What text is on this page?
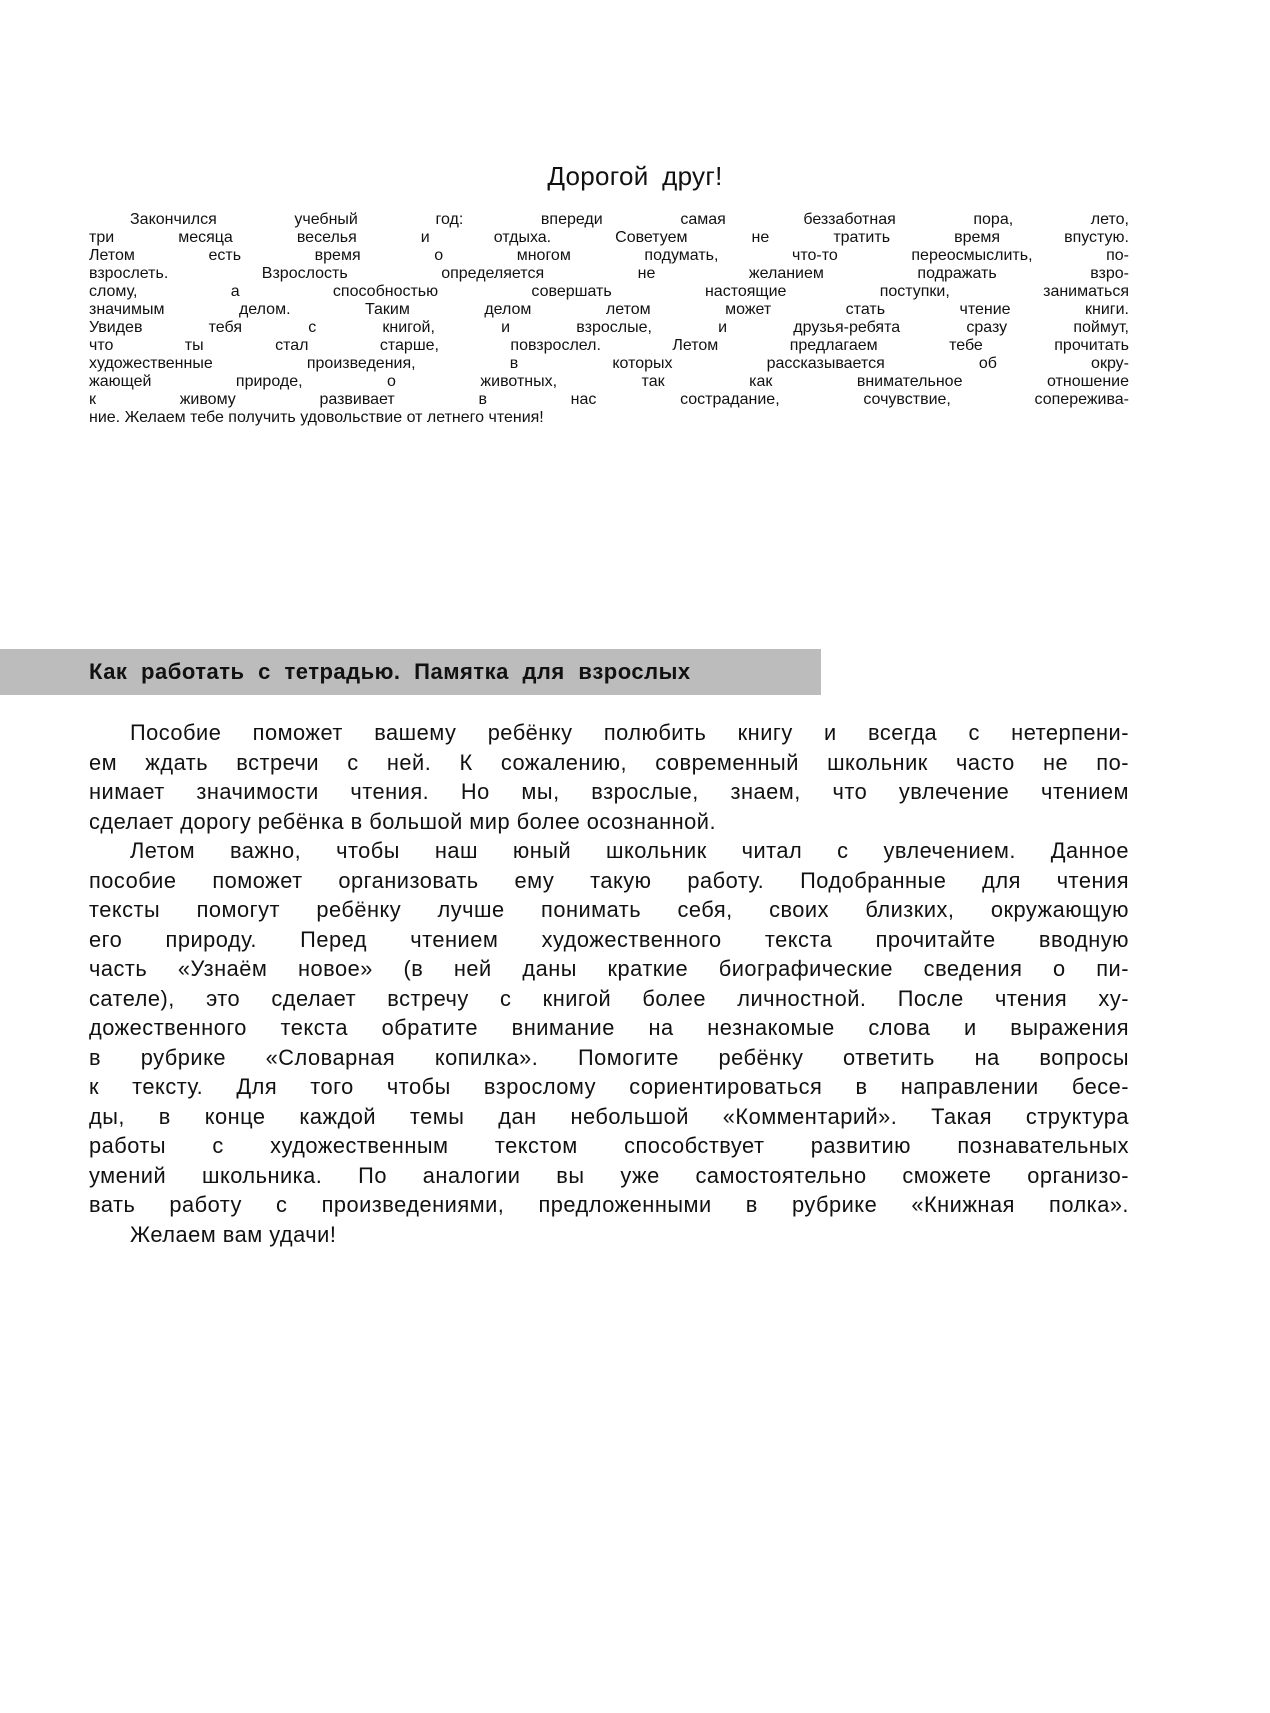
Дорогой друг!
Закончился учебный год: впереди самая беззаботная пора, лето,
три месяца веселья и отдыха. Советуем не тратить время впустую.
Летом есть время о многом подумать, что-то переосмыслить, по-
взрослеть. Взрослость определяется не желанием подражать взро-
слому, а способностью совершать настоящие поступки, заниматься
значимым делом. Таким делом летом может стать чтение книги.
Увидев тебя с книгой, и взрослые, и друзья-ребята сразу поймут,
что ты стал старше, повзрослел. Летом предлагаем тебе прочитать
художественные произведения, в которых рассказывается об окру-
жающей природе, о животных, так как внимательное отношение
к живому развивает в нас сострадание, сочувствие, сопережива-
ние. Желаем тебе получить удовольствие от летнего чтения!
Как работать с тетрадью. Памятка для взрослых
Пособие поможет вашему ребёнку полюбить книгу и всегда с нетерпени-
ем ждать встречи с ней. К сожалению, современный школьник часто не по-
нимает значимости чтения. Но мы, взрослые, знаем, что увлечение чтением
сделает дорогу ребёнка в большой мир более осознанной.
Летом важно, чтобы наш юный школьник читал с увлечением. Данное
пособие поможет организовать ему такую работу. Подобранные для чтения
тексты помогут ребёнку лучше понимать себя, своих близких, окружающую
его природу. Перед чтением художественного текста прочитайте вводную
часть «Узнаём новое» (в ней даны краткие биографические сведения о пи-
сателе), это сделает встречу с книгой более личностной. После чтения ху-
дожественного текста обратите внимание на незнакомые слова и выражения
в рубрике «Словарная копилка». Помогите ребёнку ответить на вопросы
к тексту. Для того чтобы взрослому сориентироваться в направлении бесе-
ды, в конце каждой темы дан небольшой «Комментарий». Такая структура
работы с художественным текстом способствует развитию познавательных
умений школьника. По аналогии вы уже самостоятельно сможете организо-
вать работу с произведениями, предложенными в рубрике «Книжная полка».
Желаем вам удачи!
